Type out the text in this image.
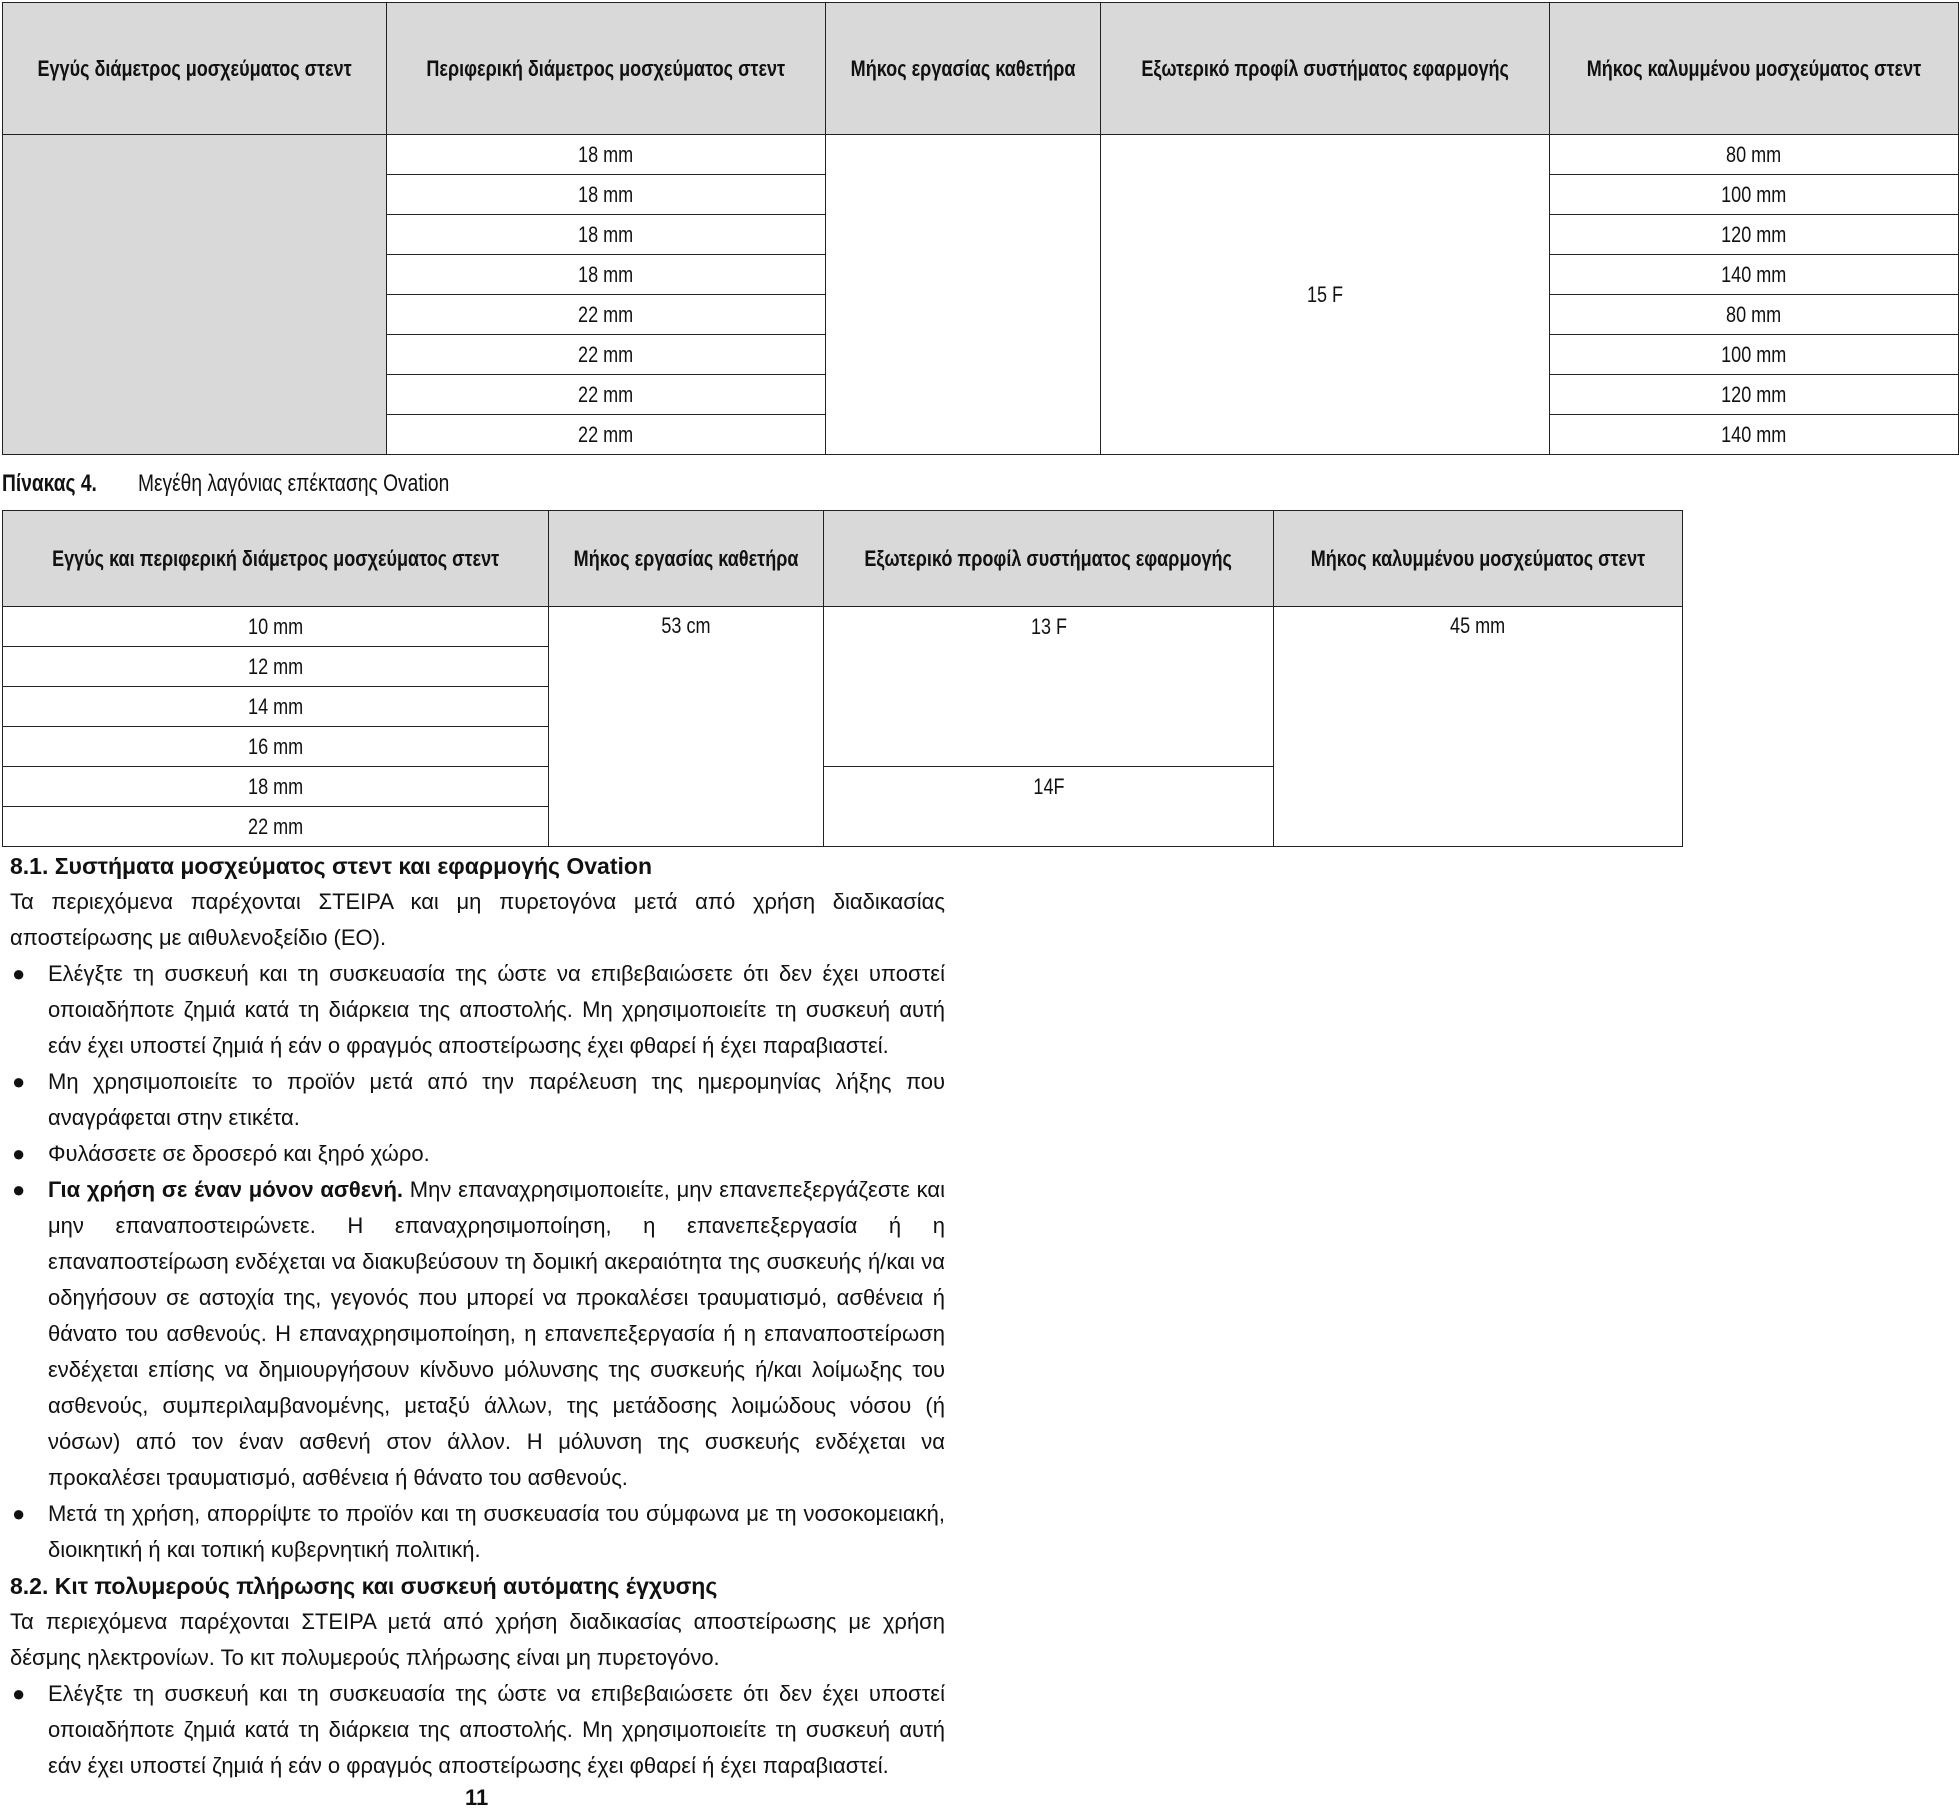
Εγγύς διάμετρος μοσχεύματος στεντ	Περιφερική διάμετρος μοσχεύματος στεντ	Μήκος εργασίας καθετήρα	Εξωτερικό προφίλ συστήματος εφαρμογής	Μήκος καλυμμένου μοσχεύματος στεντ

	18 mm		15 F	80 mm

	18 mm			100 mm

	18 mm			120 mm

	18 mm			140 mm

	22 mm			80 mm

	22 mm			100 mm

	22 mm			120 mm

	22 mm			140 mm
Πίνακας 4. Μεγέθη λαγόνιας επέκτασης Ovation
Εγγύς και περιφερική διάμετρος μοσχεύματος στεντ	Μήκος εργασίας καθετήρα	Εξωτερικό προφίλ συστήματος εφαρμογής	Μήκος καλυμμένου μοσχεύματος στεντ

10 mm	53 cm	13 F	45 mm

12 mm			

14 mm			

16 mm			

18 mm		14F	

22 mm			

8.1. Συστήματα μοσχεύματος στεντ και εφαρμογής Ovation

Τα περιεχόμενα παρέχονται ΣΤΕΙΡΑ και μη πυρετογόνα μετά από χρήση διαδικασίας αποστείρωσης με αιθυλενοξείδιο (EO).

● Ελέγξτε τη συσκευή και τη συσκευασία της ώστε να επιβεβαιώσετε ότι δεν έχει υποστεί οποιαδήποτε ζημιά κατά τη διάρκεια της αποστολής. Μη χρησιμοποιείτε τη συσκευή αυτή εάν έχει υποστεί ζημιά ή εάν ο φραγμός αποστείρωσης έχει φθαρεί ή έχει παραβιαστεί.
● Μη χρησιμοποιείτε το προϊόν μετά από την παρέλευση της ημερομηνίας λήξης που αναγράφεται στην ετικέτα.
● Φυλάσσετε σε δροσερό και ξηρό χώρο.
● Για χρήση σε έναν μόνον ασθενή. Μην επαναχρησιμοποιείτε, μην επανεπεξεργάζεστε και μην επαναποστειρώνετε. Η επαναχρησιμοποίηση, η επανεπεξεργασία ή η επαναποστείρωση ενδέχεται να διακυβεύσουν τη δομική ακεραιότητα της συσκευής ή/και να οδηγήσουν σε αστοχία της, γεγονός που μπορεί να προκαλέσει τραυματισμό, ασθένεια ή θάνατο του ασθενούς. Η επαναχρησιμοποίηση, η επανεπεξεργασία ή η επαναποστείρωση ενδέχεται επίσης να δημιουργήσουν κίνδυνο μόλυνσης της συσκευής ή/και λοίμωξης του ασθενούς, συμπεριλαμβανομένης, μεταξύ άλλων, της μετάδοσης λοιμώδους νόσου (ή νόσων) από τον έναν ασθενή στον άλλον. Η μόλυνση της συσκευής ενδέχεται να προκαλέσει τραυματισμό, ασθένεια ή θάνατο του ασθενούς.
● Μετά τη χρήση, απορρίψτε το προϊόν και τη συσκευασία του σύμφωνα με τη νοσοκομειακή, διοικητική ή και τοπική κυβερνητική πολιτική.
8.2. Κιτ πολυμερούς πλήρωσης και συσκευή αυτόματης έγχυσης

Τα περιεχόμενα παρέχονται ΣΤΕΙΡΑ μετά από χρήση διαδικασίας αποστείρωσης με χρήση δέσμης ηλεκτρονίων. Το κιτ πολυμερούς πλήρωσης είναι μη πυρετογόνο.

● Ελέγξτε τη συσκευή και τη συσκευασία της ώστε να επιβεβαιώσετε ότι δεν έχει υποστεί οποιαδήποτε ζημιά κατά τη διάρκεια της αποστολής. Μη χρησιμοποιείτε τη συσκευή αυτή εάν έχει υποστεί ζημιά ή εάν ο φραγμός αποστείρωσης έχει φθαρεί ή έχει παραβιαστεί.
11
